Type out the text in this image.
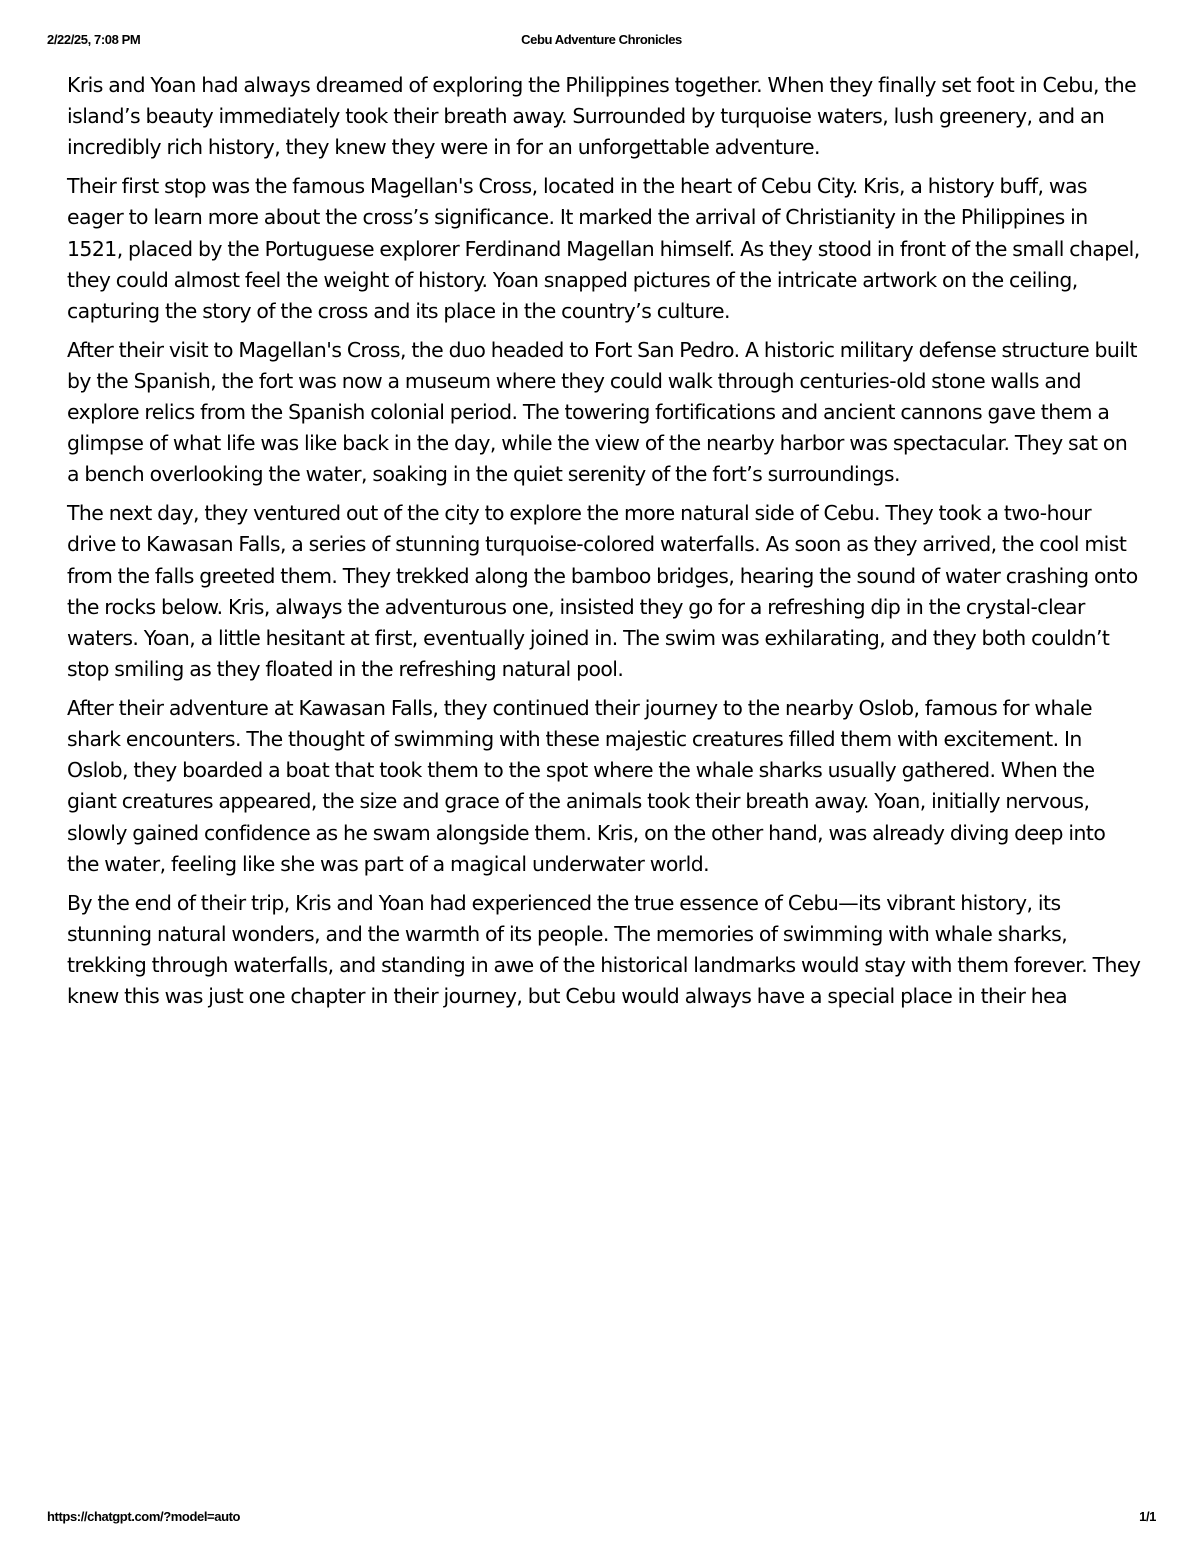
2/22/25, 7:08 PM	Cebu Adventure Chronicles

Kris and Yoan had always dreamed of exploring the Philippines together. When they finally set foot in Cebu, the island’s beauty immediately took their breath away. Surrounded by turquoise waters, lush greenery, and an incredibly rich history, they knew they were in for an unforgettable adventure.

Their first stop was the famous Magellan's Cross, located in the heart of Cebu City. Kris, a history buff, was eager to learn more about the cross’s significance. It marked the arrival of Christianity in the Philippines in 1521, placed by the Portuguese explorer Ferdinand Magellan himself. As they stood in front of the small chapel, they could almost feel the weight of history. Yoan snapped pictures of the intricate artwork on the ceiling, capturing the story of the cross and its place in the country’s culture.

After their visit to Magellan's Cross, the duo headed to Fort San Pedro. A historic military defense structure built by the Spanish, the fort was now a museum where they could walk through centuries-old stone walls and explore relics from the Spanish colonial period. The towering fortifications and ancient cannons gave them a glimpse of what life was like back in the day, while the view of the nearby harbor was spectacular. They sat on a bench overlooking the water, soaking in the quiet serenity of the fort’s surroundings.

The next day, they ventured out of the city to explore the more natural side of Cebu. They took a two-hour drive to Kawasan Falls, a series of stunning turquoise-colored waterfalls. As soon as they arrived, the cool mist from the falls greeted them. They trekked along the bamboo bridges, hearing the sound of water crashing onto the rocks below. Kris, always the adventurous one, insisted they go for a refreshing dip in the crystal-clear waters. Yoan, a little hesitant at first, eventually joined in. The swim was exhilarating, and they both couldn’t stop smiling as they floated in the refreshing natural pool.

After their adventure at Kawasan Falls, they continued their journey to the nearby Oslob, famous for whale shark encounters. The thought of swimming with these majestic creatures filled them with excitement. In Oslob, they boarded a boat that took them to the spot where the whale sharks usually gathered. When the giant creatures appeared, the size and grace of the animals took their breath away. Yoan, initially nervous, slowly gained confidence as he swam alongside them. Kris, on the other hand, was already diving deep into the water, feeling like she was part of a magical underwater world.

By the end of their trip, Kris and Yoan had experienced the true essence of Cebu—its vibrant history, its stunning natural wonders, and the warmth of its people. The memories of swimming with whale sharks, trekking through waterfalls, and standing in awe of the historical landmarks would stay with them forever. They knew this was just one chapter in their journey, but Cebu would always have a special place in their hea

https://chatgpt.com/?model=auto	1/1
